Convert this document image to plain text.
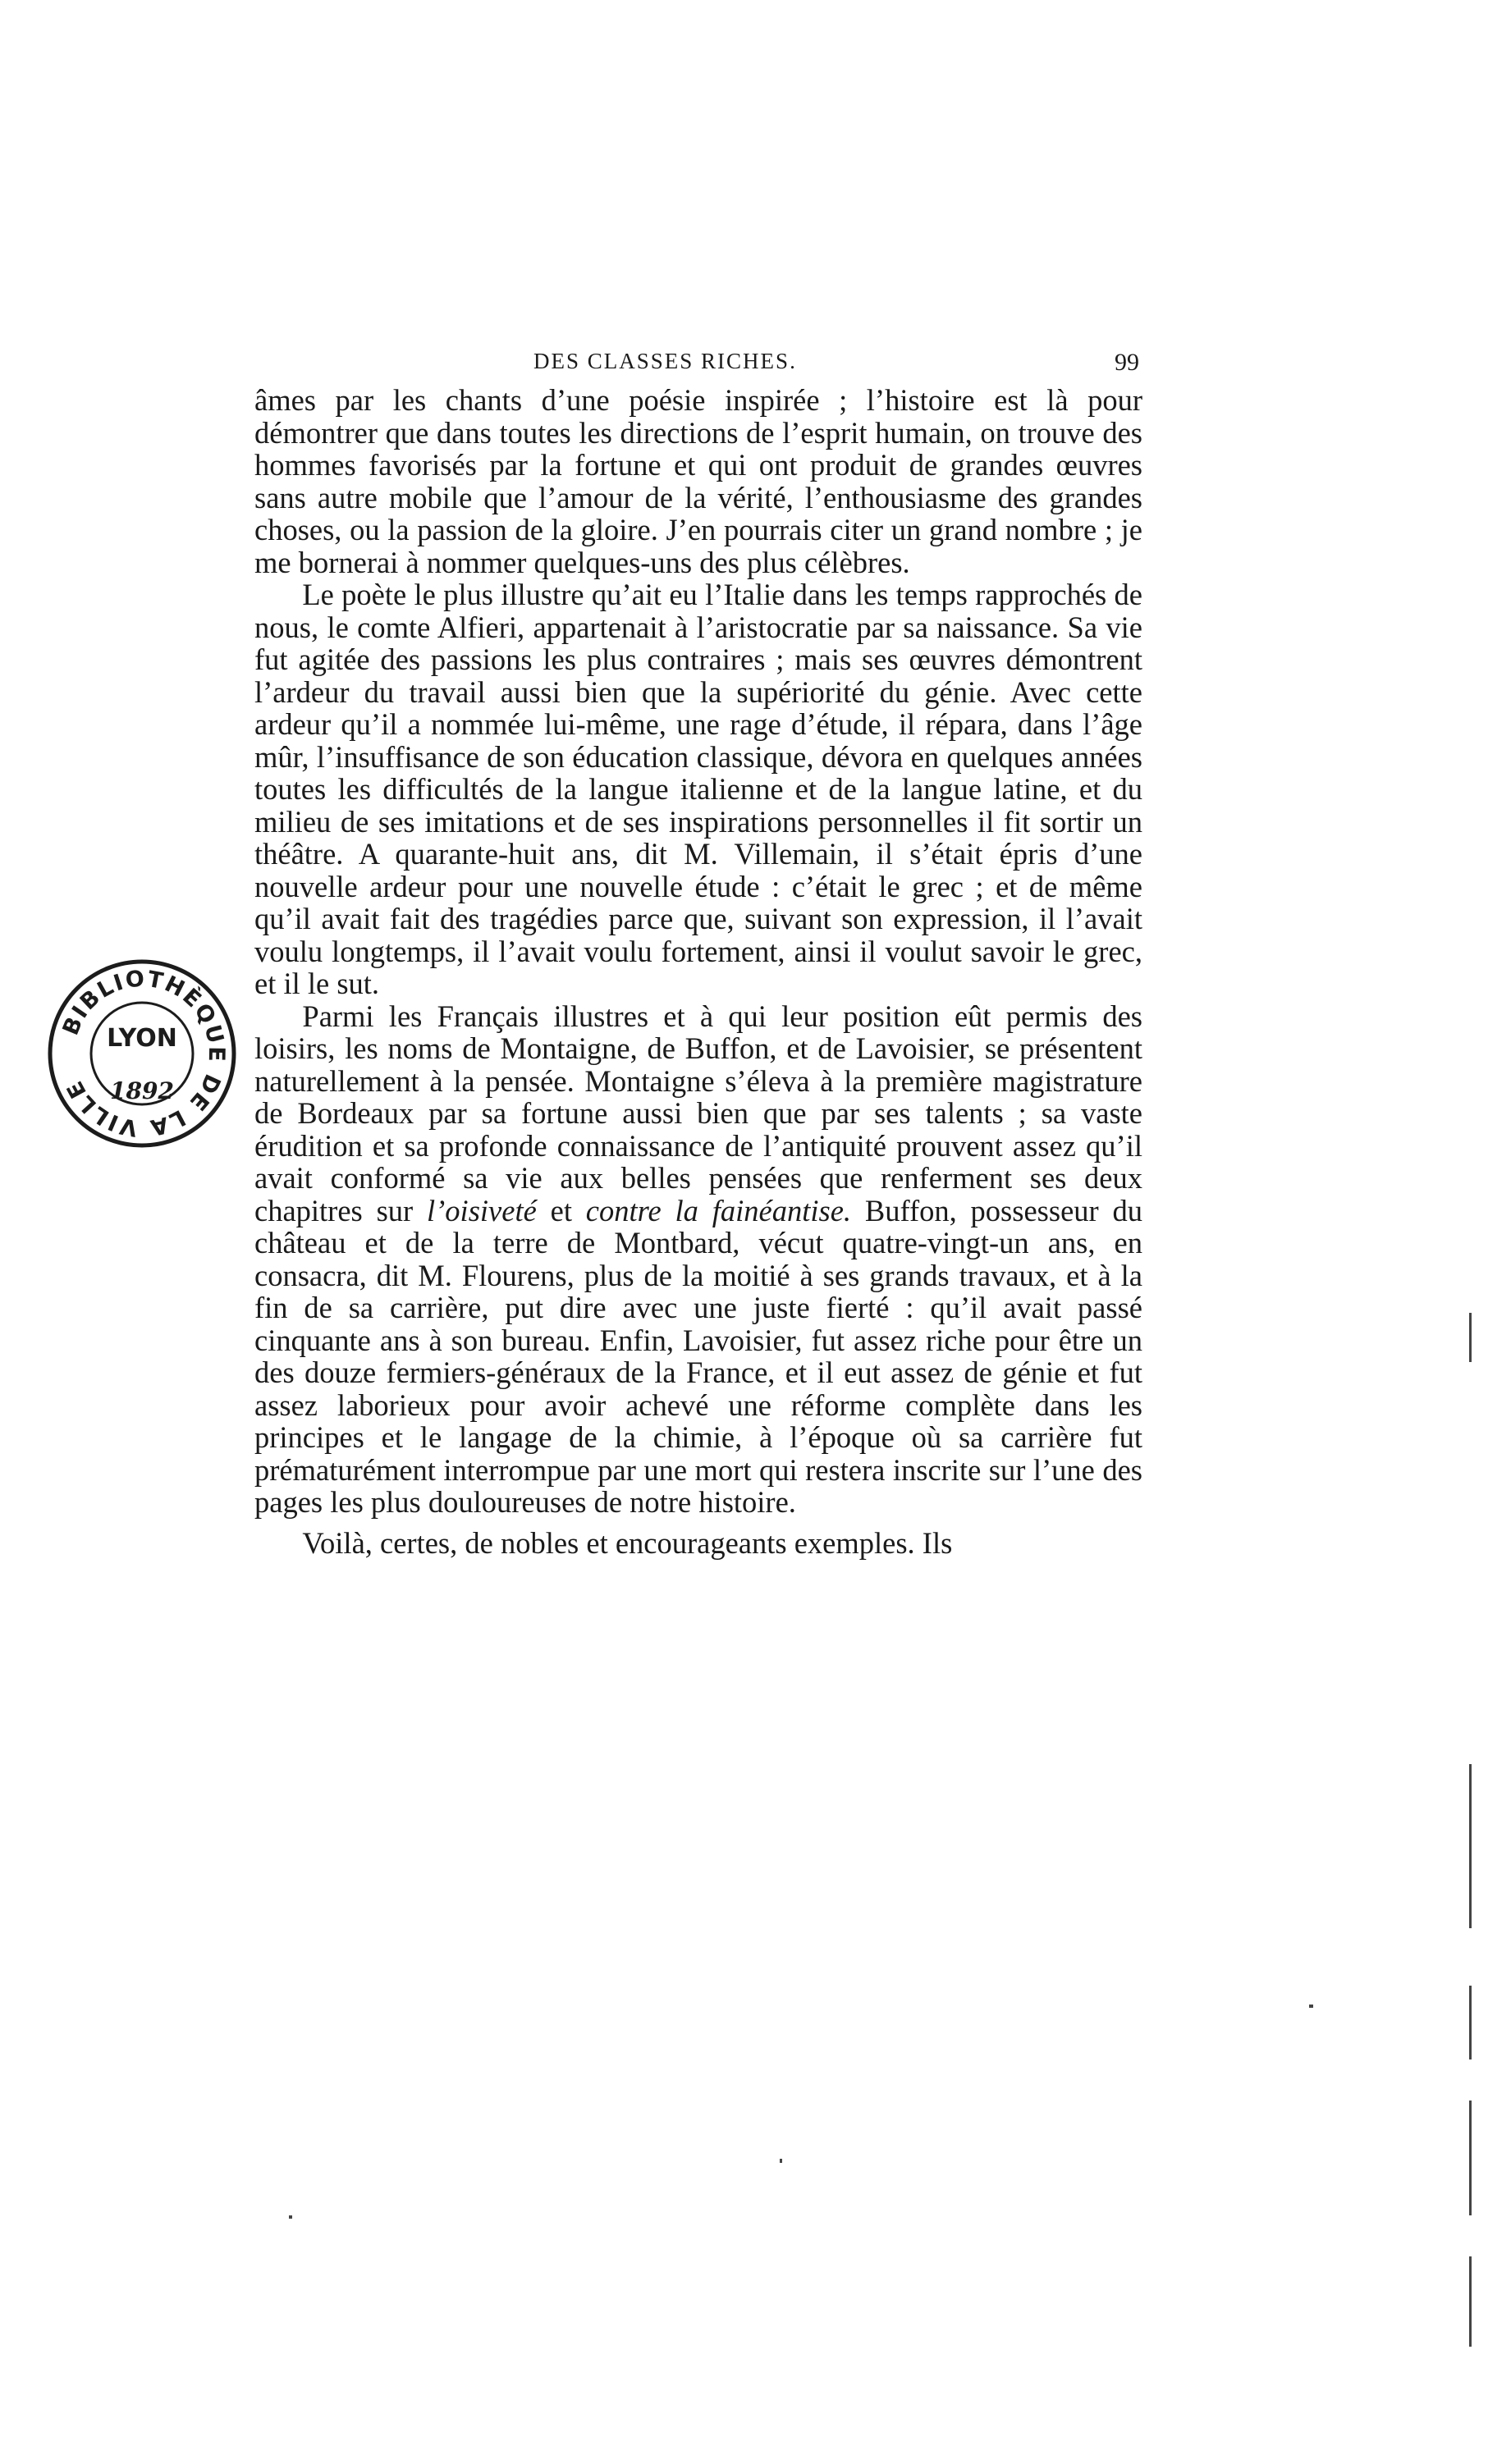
DES CLASSES RICHES.	99

âmes par les chants d’une poésie inspirée ; l’histoire est là pour démontrer que dans toutes les directions de l’esprit humain, on trouve des hommes favorisés par la fortune et qui ont produit de grandes œuvres sans autre mobile que l’amour de la vérité, l’enthousiasme des grandes choses, ou la passion de la gloire. J’en pourrais citer un grand nombre ; je me bornerai à nommer quelques-uns des plus célèbres.

Le poète le plus illustre qu’ait eu l’Italie dans les temps rapprochés de nous, le comte Alfieri, appartenait à l’aristocratie par sa naissance. Sa vie fut agitée des passions les plus contraires ; mais ses œuvres démontrent l’ardeur du travail aussi bien que la supériorité du génie. Avec cette ardeur qu’il a nommée lui-même, une rage d’étude, il répara, dans l’âge mûr, l’insuffisance de son éducation classique, dévora en quelques années toutes les difficultés de la langue italienne et de la langue latine, et du milieu de ses imitations et de ses inspirations personnelles il fit sortir un théâtre. A quarante-huit ans, dit M. Villemain, il s’était épris d’une nouvelle ardeur pour une nouvelle étude : c’était le grec ; et de même qu’il avait fait des tragédies parce que, suivant son expression, il l’avait voulu longtemps, il l’avait voulu fortement, ainsi il voulut savoir le grec, et il le sut.

Parmi les Français illustres et à qui leur position eût permis des loisirs, les noms de Montaigne, de Buffon, et de Lavoisier, se présentent naturellement à la pensée. Montaigne s’éleva à la première magistrature de Bordeaux par sa fortune aussi bien que par ses talents ; sa vaste érudition et sa profonde connaissance de l’antiquité prouvent assez qu’il avait conformé sa vie aux belles pensées que renferment ses deux chapitres sur l’oisiveté et contre la fainéantise. Buffon, possesseur du château et de la terre de Montbard, vécut quatre-vingt-un ans, en consacra, dit M. Flourens, plus de la moitié à ses grands travaux, et à la fin de sa carrière, put dire avec une juste fierté : qu’il avait passé cinquante ans à son bureau. Enfin, Lavoisier, fut assez riche pour être un des douze fermiers-généraux de la France, et il eut assez de génie et fut assez laborieux pour avoir achevé une réforme complète dans les principes et le langage de la chimie, à l’époque où sa carrière fut prématurément interrompue par une mort qui restera inscrite sur l’une des pages les plus douloureuses de notre histoire.

Voilà, certes, de nobles et encourageants exemples. Ils

BIBLIOTHÈQUE DE LA VILLE
LYON
1892
